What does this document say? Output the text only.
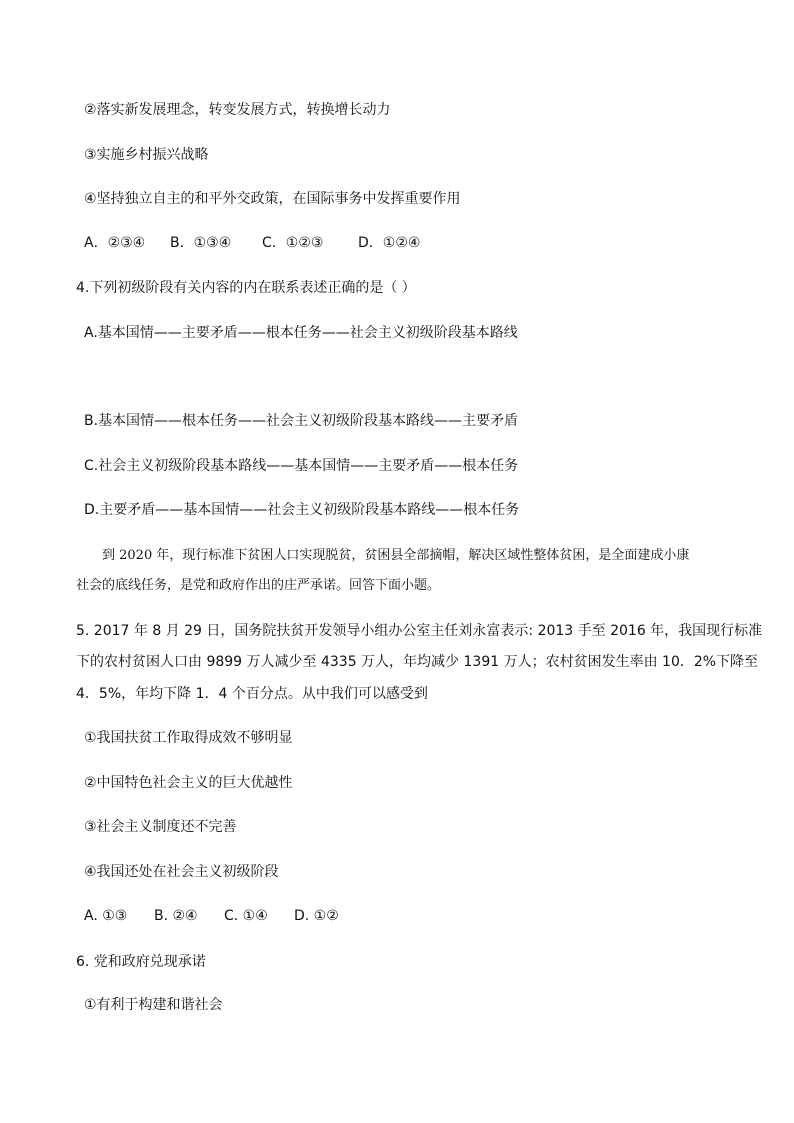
②落实新发展理念，转变发展方式，转换增长动力
③实施乡村振兴战略
④坚持独立自主的和平外交政策，在国际事务中发挥重要作用
A．②③④ B．①③④ C．①②③ D．①②④
4.下列初级阶段有关内容的内在联系表述正确的是（ ）
A.基本国情——主要矛盾——根本任务——社会主义初级阶段基本路线
B.基本国情——根本任务——社会主义初级阶段基本路线——主要矛盾
C.社会主义初级阶段基本路线——基本国情——主要矛盾——根本任务
D.主要矛盾——基本国情——社会主义初级阶段基本路线——根本任务
到 2020 年，现行标准下贫困人口实现脱贫，贫困县全部摘帽，解决区域性整体贫困，是全面建成小康
社会的底线任务，是党和政府作出的庄严承诺。回答下面小题。
5. 2017 年 8 月 29 日，国务院扶贫开发领导小组办公室主任刘永富表示: 2013 手至 2016 年，我国现行标准
下的农村贫困人口由 9899 万人减少至 4335 万人，年均减少 1391 万人；农村贫困发生率由 10．2%下降至
4．5%，年均下降 1．4 个百分点。从中我们可以感受到
①我国扶贫工作取得成效不够明显
②中国特色社会主义的巨大优越性
③社会主义制度还不完善
④我国还处在社会主义初级阶段
A. ①③ B. ②④ C. ①④ D. ①②
6. 党和政府兑现承诺
①有利于构建和谐社会
